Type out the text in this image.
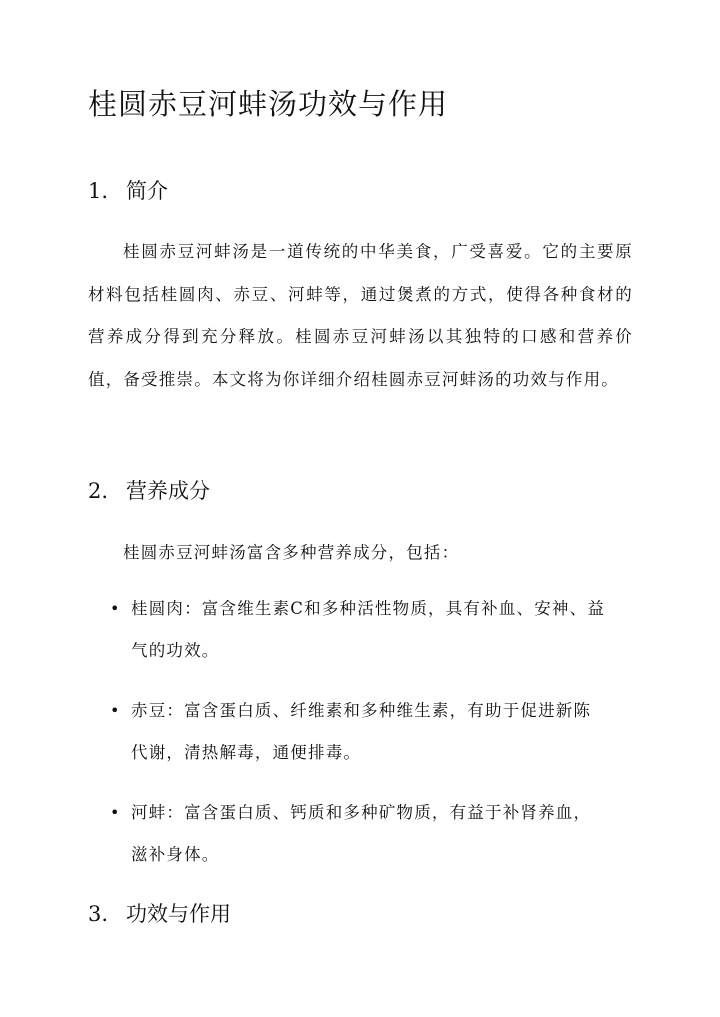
桂圆赤豆河蚌汤功效与作用
1. 简介
桂圆赤豆河蚌汤是一道传统的中华美食，广受喜爱。它的主要原材料包括桂圆肉、赤豆、河蚌等，通过煲煮的方式，使得各种食材的营养成分得到充分释放。桂圆赤豆河蚌汤以其独特的口感和营养价值，备受推崇。本文将为你详细介绍桂圆赤豆河蚌汤的功效与作用。
2. 营养成分
桂圆赤豆河蚌汤富含多种营养成分，包括：
• 桂圆肉：富含维生素C和多种活性物质，具有补血、安神、益
气的功效。
• 赤豆：富含蛋白质、纤维素和多种维生素，有助于促进新陈
代谢，清热解毒，通便排毒。
• 河蚌：富含蛋白质、钙质和多种矿物质，有益于补肾养血，
滋补身体。
3. 功效与作用
